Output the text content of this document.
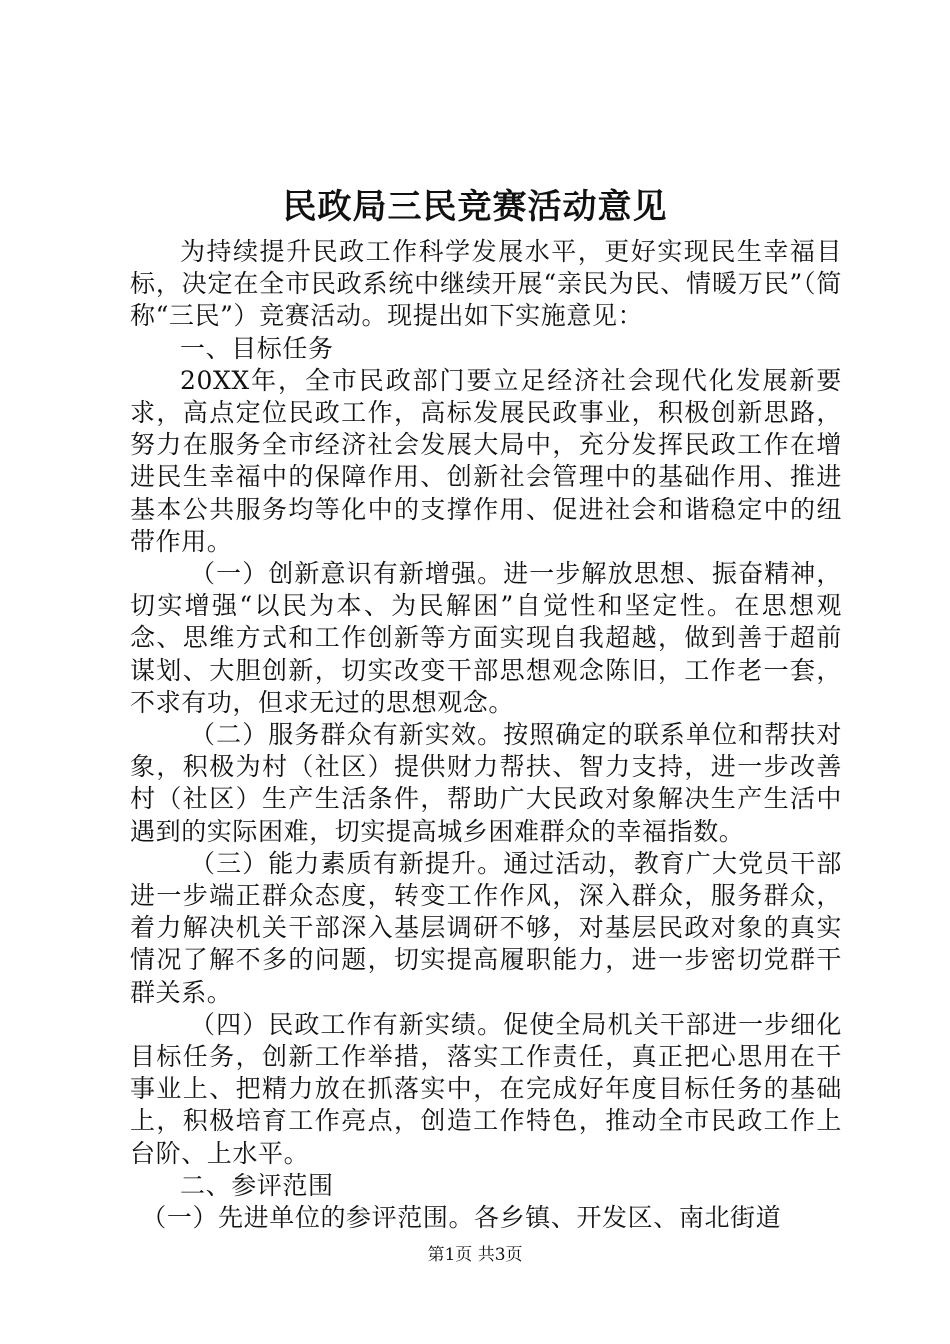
民政局三民竞赛活动意见

为持续提升民政工作科学发展水平，更好实现民生幸福目标，决定在全市民政系统中继续开展“亲民为民、情暖万民”（简称“三民”）竞赛活动。现提出如下实施意见：

一、目标任务

20XX年，全市民政部门要立足经济社会现代化发展新要求，高点定位民政工作，高标发展民政事业，积极创新思路，努力在服务全市经济社会发展大局中，充分发挥民政工作在增进民生幸福中的保障作用、创新社会管理中的基础作用、推进基本公共服务均等化中的支撑作用、促进社会和谐稳定中的纽带作用。

（一）创新意识有新增强。进一步解放思想、振奋精神，切实增强“以民为本、为民解困”自觉性和坚定性。在思想观念、思维方式和工作创新等方面实现自我超越，做到善于超前谋划、大胆创新，切实改变干部思想观念陈旧，工作老一套，不求有功，但求无过的思想观念。

（二）服务群众有新实效。按照确定的联系单位和帮扶对象，积极为村（社区）提供财力帮扶、智力支持，进一步改善村（社区）生产生活条件，帮助广大民政对象解决生产生活中遇到的实际困难，切实提高城乡困难群众的幸福指数。

（三）能力素质有新提升。通过活动，教育广大党员干部进一步端正群众态度，转变工作作风，深入群众，服务群众，着力解决机关干部深入基层调研不够，对基层民政对象的真实情况了解不多的问题，切实提高履职能力，进一步密切党群干群关系。

（四）民政工作有新实绩。促使全局机关干部进一步细化目标任务，创新工作举措，落实工作责任，真正把心思用在干事业上、把精力放在抓落实中，在完成好年度目标任务的基础上，积极培育工作亮点，创造工作特色，推动全市民政工作上台阶、上水平。

二、参评范围

（一）先进单位的参评范围。各乡镇、开发区、南北街道

第1页 共3页
